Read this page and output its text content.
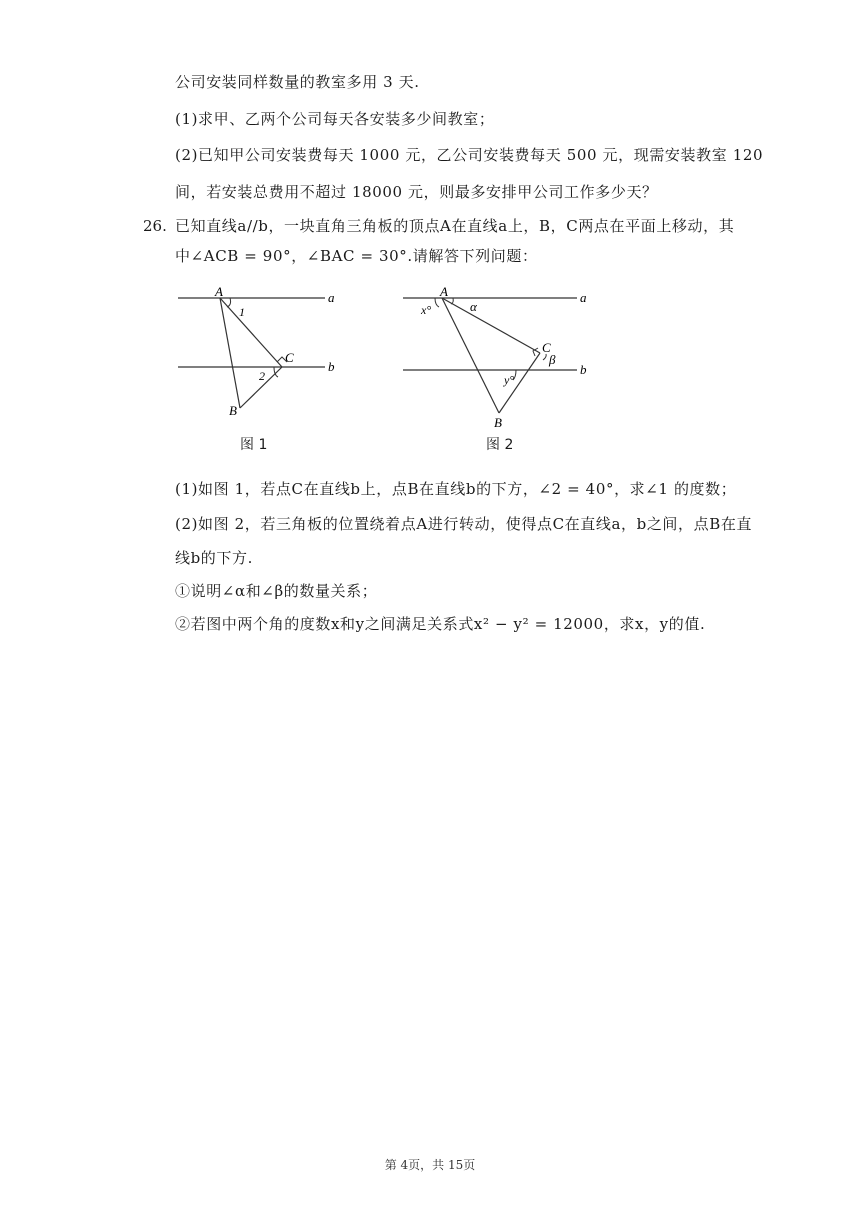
公司安装同样数量的教室多用 3 天.
(1)求甲、乙两个公司每天各安装多少间教室；
(2)已知甲公司安装费每天 1000 元，乙公司安装费每天 500 元，现需安装教室 120
间，若安装总费用不超过 18000 元，则最多安排甲公司工作多少天？
26. 已知直线a//b，一块直角三角板的顶点A在直线a上，B，C两点在平面上移动，其
中∠ACB = 90°，∠BAC = 30°.请解答下列问题：
A
1
C
2
B
a
b
图 1
A
x°	α
C
β
y°
B
a
b
图 2
(1)如图 1，若点C在直线b上，点B在直线b的下方，∠2 = 40°，求∠1 的度数；
(2)如图 2，若三角板的位置绕着点A进行转动，使得点C在直线a，b之间，点B在直
线b的下方.
①说明∠α和∠β的数量关系；
②若图中两个角的度数x和y之间满足关系式x² − y² = 12000，求x，y的值.
第 4页，共 15页
